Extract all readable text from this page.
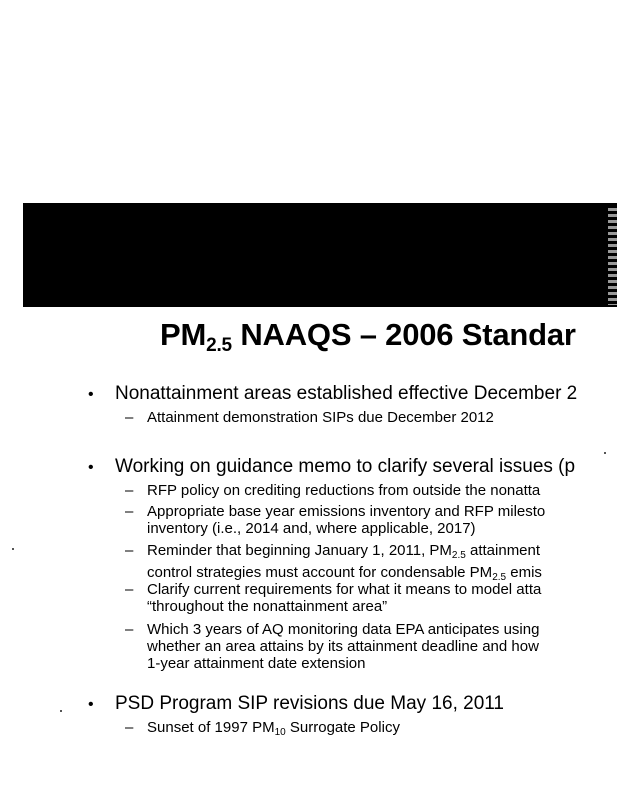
$PM_{2.5}$ NAAQS – 2006 Standar
• Nonattainment areas established effective December 2
– Attainment demonstration SIPs due December 2012
• Working on guidance memo to clarify several issues (p
– RFP policy on crediting reductions from outside the nonatta
– Appropriate base year emissions inventory and RFP milesto
inventory (i.e., 2014 and, where applicable, 2017)
– Reminder that beginning January 1, 2011, $PM_{2.5}$ attainment
control strategies must account for condensable $PM_{2.5}$ emis
– Clarify current requirements for what it means to model atta
“throughout the nonattainment area”
– Which 3 years of AQ monitoring data EPA anticipates using
whether an area attains by its attainment deadline and how
1-year attainment date extension
• PSD Program SIP revisions due May 16, 2011
– Sunset of 1997 $PM_{10}$ Surrogate Policy
